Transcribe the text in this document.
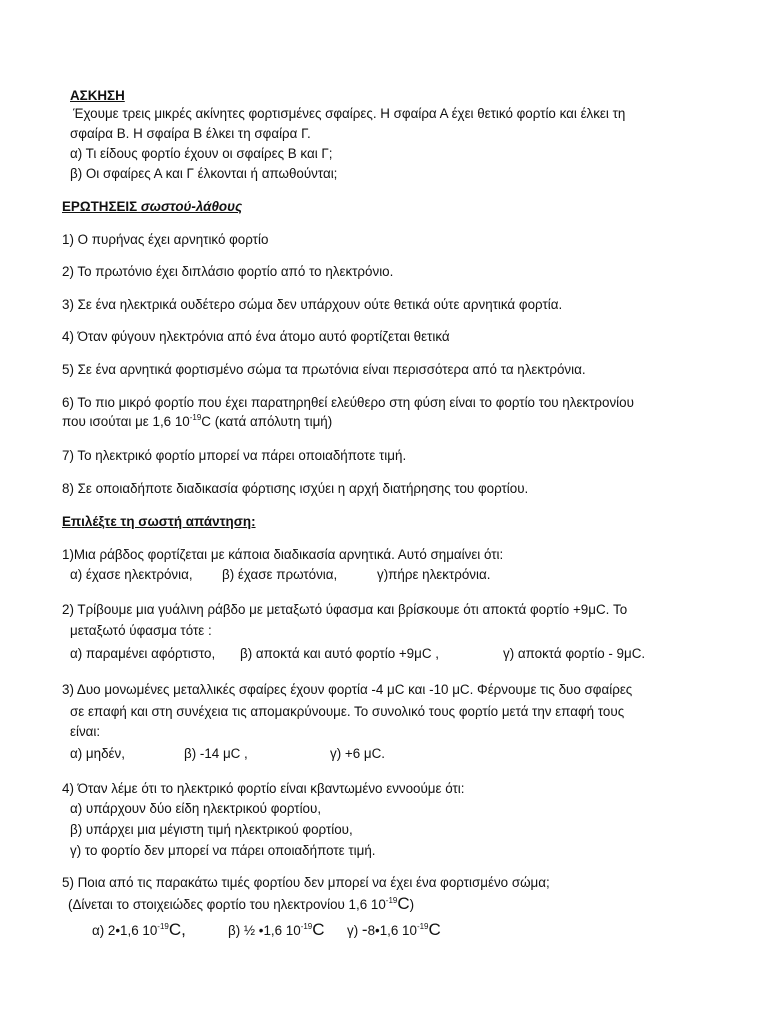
ΑΣΚΗΣΗ
Έχουμε τρεις μικρές ακίνητες φορτισμένες σφαίρες. Η σφαίρα Α έχει θετικό φορτίο και έλκει τη
σφαίρα Β. Η σφαίρα Β έλκει τη σφαίρα Γ.
α) Τι είδους φορτίο έχουν οι σφαίρες Β και Γ;
β) Οι σφαίρες Α και Γ έλκονται ή απωθούνται;
ΕΡΩΤΗΣΕΙΣ σωστού-λάθους
1) Ο πυρήνας έχει αρνητικό φορτίο
2) Το πρωτόνιο έχει διπλάσιο φορτίο από το ηλεκτρόνιο.
3) Σε ένα ηλεκτρικά ουδέτερο σώμα δεν υπάρχουν ούτε θετικά ούτε αρνητικά φορτία.
4) Όταν φύγουν ηλεκτρόνια από ένα άτομο αυτό φορτίζεται θετικά
5) Σε ένα αρνητικά φορτισμένο σώμα τα πρωτόνια είναι περισσότερα από τα ηλεκτρόνια.
6) Το πιο μικρό φορτίο που έχει παρατηρηθεί ελεύθερο στη φύση είναι το φορτίο του ηλεκτρονίου
που ισούται με 1,6 $10^{-19}C$ (κατά απόλυτη τιμή)
7) Το ηλεκτρικό φορτίο μπορεί να πάρει οποιαδήποτε τιμή.
8) Σε οποιαδήποτε διαδικασία φόρτισης ισχύει η αρχή διατήρησης του φορτίου.
Επιλέξτε τη σωστή απάντηση:
1)Μια ράβδος φορτίζεται με κάποια διαδικασία αρνητικά. Αυτό σημαίνει ότι:
α) έχασε ηλεκτρόνια, β) έχασε πρωτόνια,	γ)πήρε ηλεκτρόνια.
2) Τρίβουμε μια γυάλινη ράβδο με μεταξωτό ύφασμα και βρίσκουμε ότι αποκτά φορτίο +9μC. Το
μεταξωτό ύφασμα τότε :
α) παραμένει αφόρτιστο, β) αποκτά και αυτό φορτίο +9μC ,	γ) αποκτά φορτίο - 9μC.
3) Δυο μονωμένες μεταλλικές σφαίρες έχουν φορτία -4 μC και -10 μC. Φέρνουμε τις δυο σφαίρες
σε επαφή και στη συνέχεια τις απομακρύνουμε. Το συνολικό τους φορτίο μετά την επαφή τους
είναι:
α) μηδέν,	β) -14 μC ,	γ) +6 μC.
4) Όταν λέμε ότι το ηλεκτρικό φορτίο είναι κβαντωμένο εννοούμε ότι:
α) υπάρχουν δύο είδη ηλεκτρικού φορτίου,
β) υπάρχει μια μέγιστη τιμή ηλεκτρικού φορτίου,
γ) το φορτίο δεν μπορεί να πάρει οποιαδήποτε τιμή.
5) Ποια από τις παρακάτω τιμές φορτίου δεν μπορεί να έχει ένα φορτισμένο σώμα;
(Δίνεται το στοιχειώδες φορτίο του ηλεκτρονίου 1,6 $10^{-19}C$)
α) 2•1,6 $10^{-19}C$,	β) ½ •1,6 $10^{-19}C$ γ) -8•1,6 $10^{-19}C$
